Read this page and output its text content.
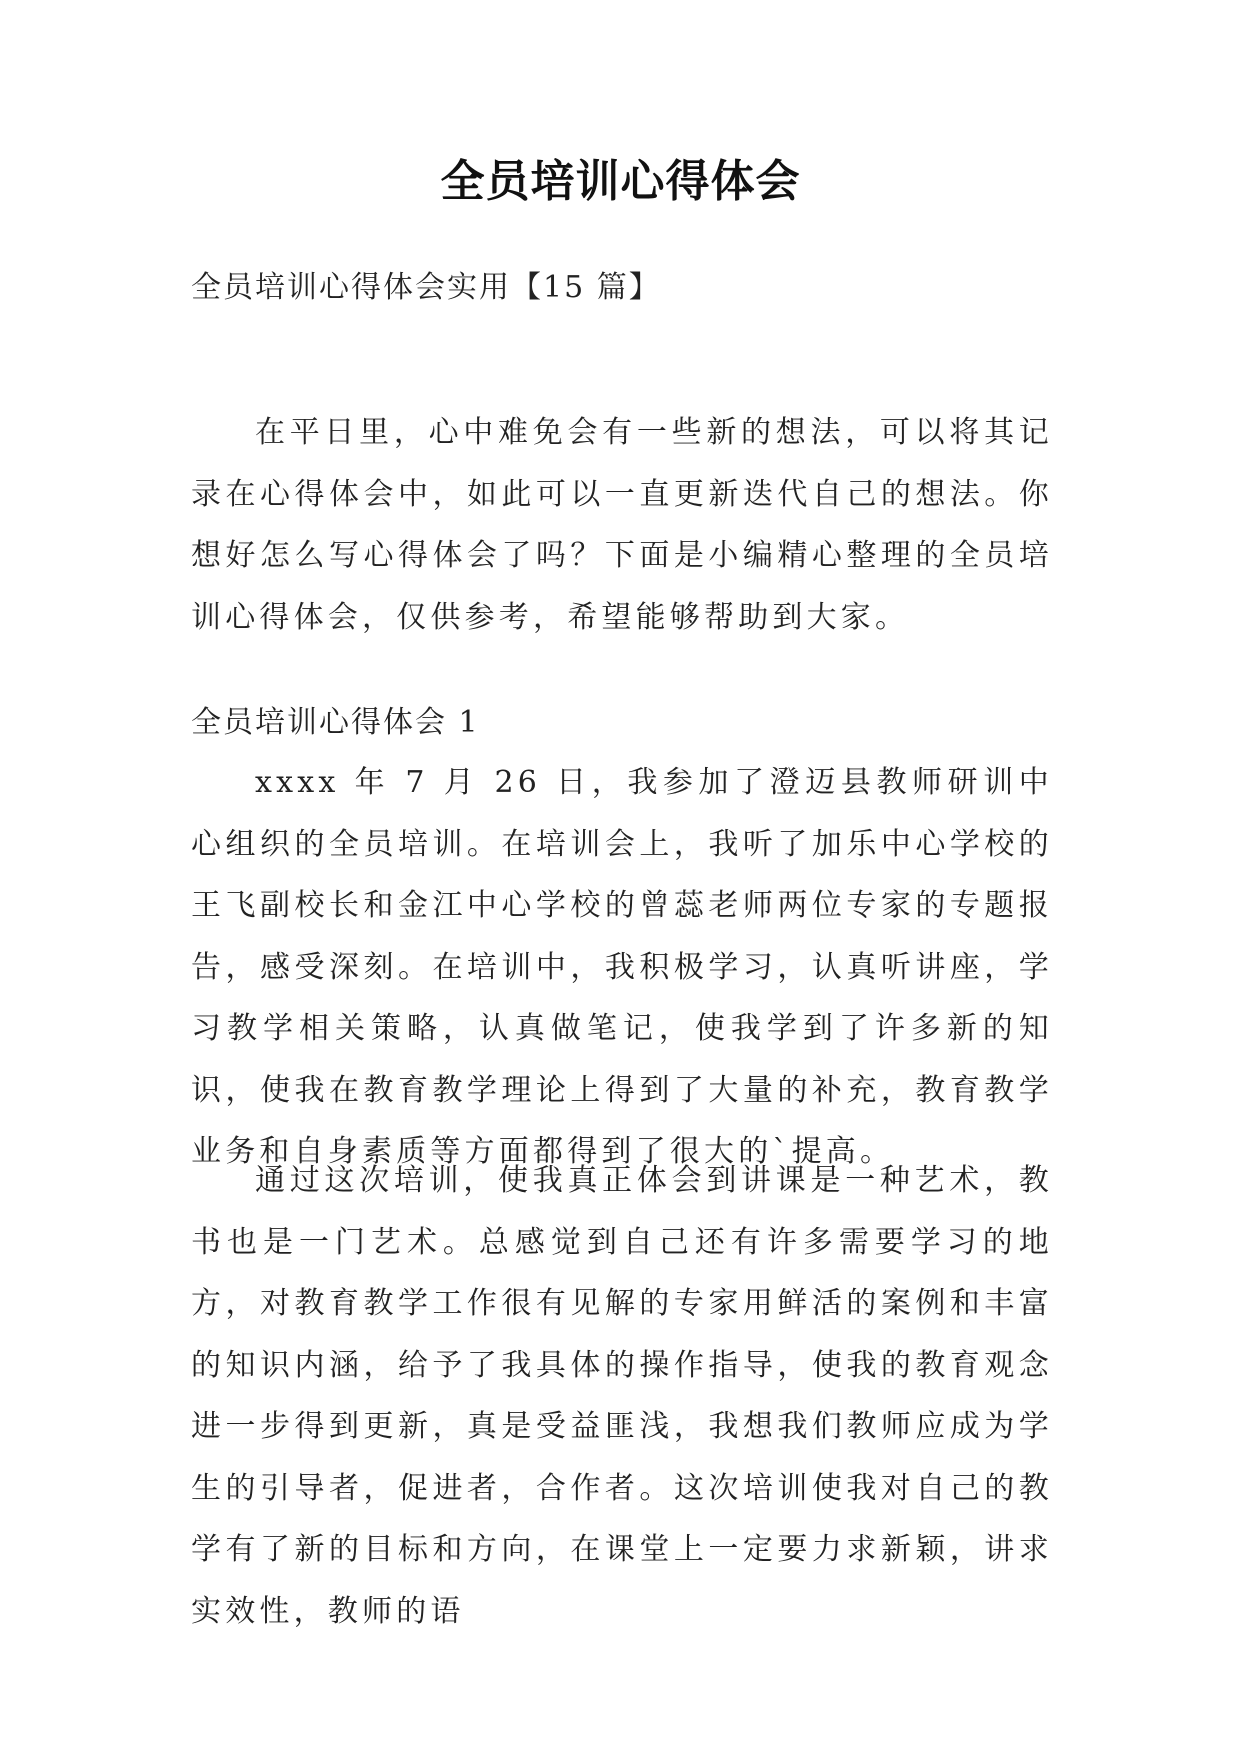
全员培训心得体会

全员培训心得体会实用【15 篇】

在平日里，心中难免会有一些新的想法，可以将其记录在心得体会中，如此可以一直更新迭代自己的想法。你想好怎么写心得体会了吗？下面是小编精心整理的全员培训心得体会，仅供参考，希望能够帮助到大家。

全员培训心得体会 1

xxxx 年 7 月 26 日，我参加了澄迈县教师研训中心组织的全员培训。在培训会上，我听了加乐中心学校的王飞副校长和金江中心学校的曾蕊老师两位专家的专题报告，感受深刻。在培训中，我积极学习，认真听讲座，学习教学相关策略，认真做笔记，使我学到了许多新的知识，使我在教育教学理论上得到了大量的补充，教育教学业务和自身素质等方面都得到了很大的`提高。

通过这次培训，使我真正体会到讲课是一种艺术，教书也是一门艺术。总感觉到自己还有许多需要学习的地方，对教育教学工作很有见解的专家用鲜活的案例和丰富的知识内涵，给予了我具体的操作指导，使我的教育观念进一步得到更新，真是受益匪浅，我想我们教师应成为学生的引导者，促进者，合作者。这次培训使我对自己的教学有了新的目标和方向，在课堂上一定要力求新颖，讲求实效性，教师的语
